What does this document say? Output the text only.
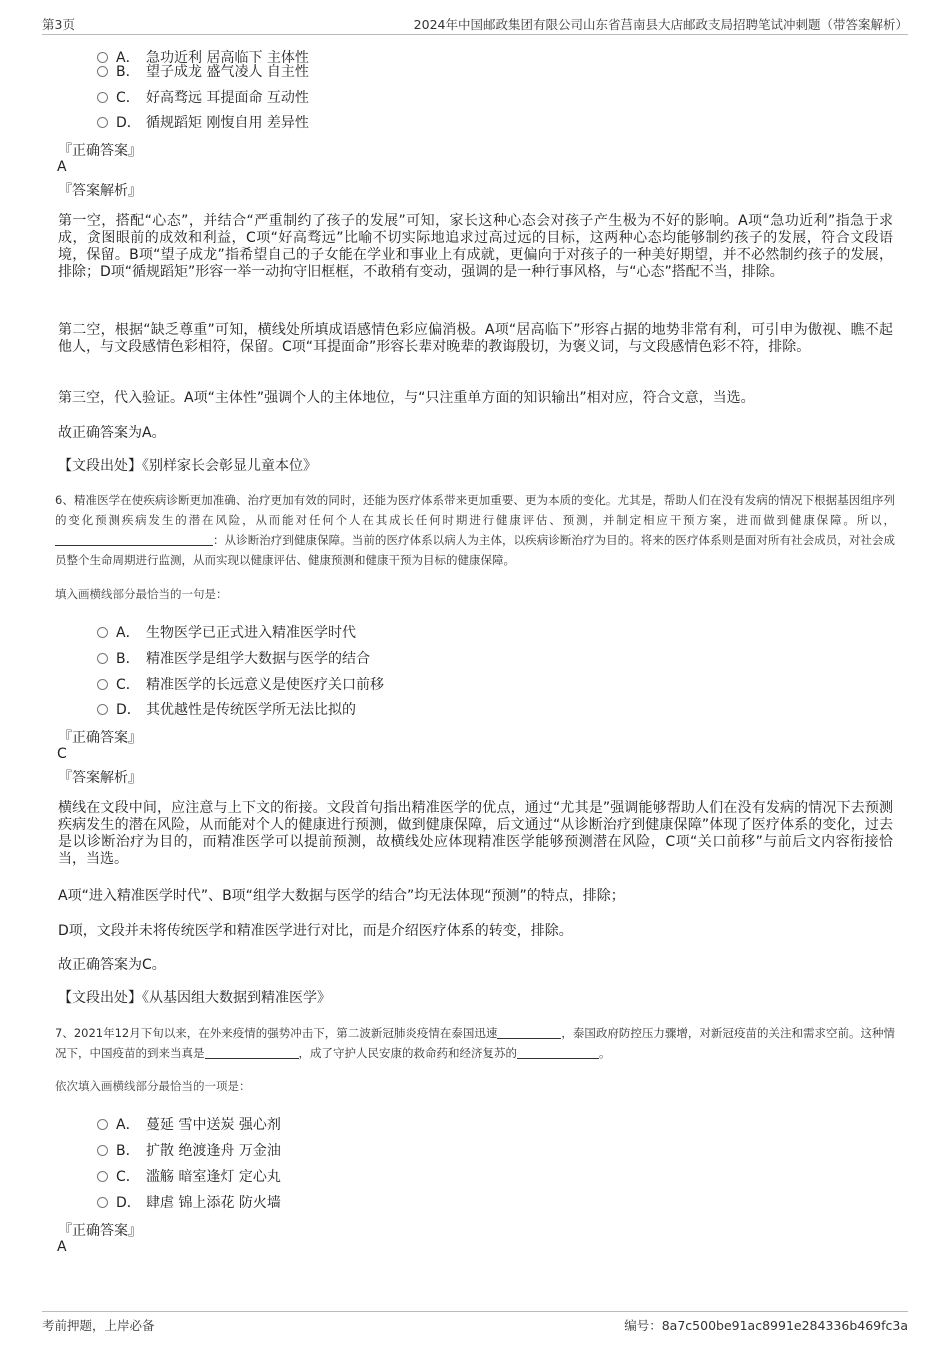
第3页	2024年中国邮政集团有限公司山东省莒南县大店邮政支局招聘笔试冲刺题（带答案解析）
A． 急功近利 居高临下 主体性
B． 望子成龙 盛气凌人 自主性
C． 好高骛远 耳提面命 互动性
D． 循规蹈矩 刚愎自用 差异性
『正确答案』
A
『答案解析』
第一空，搭配“心态”，并结合“严重制约了孩子的发展”可知，家长这种心态会对孩子产生极为不好的影响。A项“急功近利”指急于求成，贪图眼前的成效和利益，C项“好高骛远”比喻不切实际地追求过高过远的目标，这两种心态均能够制约孩子的发展，符合文段语境，保留。B项“望子成龙”指希望自己的子女能在学业和事业上有成就，更偏向于对孩子的一种美好期望，并不必然制约孩子的发展，排除；D项“循规蹈矩”形容一举一动拘守旧框框，不敢稍有变动，强调的是一种行事风格，与“心态”搭配不当，排除。
第二空，根据“缺乏尊重”可知，横线处所填成语感情色彩应偏消极。A项“居高临下”形容占据的地势非常有利，可引申为傲视、瞧不起他人，与文段感情色彩相符，保留。C项“耳提面命”形容长辈对晚辈的教诲殷切，为褒义词，与文段感情色彩不符，排除。
第三空，代入验证。A项“主体性”强调个人的主体地位，与“只注重单方面的知识输出”相对应，符合文意，当选。
故正确答案为A。
【文段出处】《别样家长会彰显儿童本位》
6、精准医学在使疾病诊断更加准确、治疗更加有效的同时，还能为医疗体系带来更加重要、更为本质的变化。尤其是，帮助人们在没有发病的情况下根据基因组序列的变化预测疾病发生的潜在风险，从而能对任何个人在其成长任何时期进行健康评估、预测，并制定相应干预方案，进而做到健康保障。所以，：从诊断治疗到健康保障。当前的医疗体系以病人为主体，以疾病诊断治疗为目的。将来的医疗体系则是面对所有社会成员，对社会成员整个生命周期进行监测，从而实现以健康评估、健康预测和健康干预为目标的健康保障。
填入画横线部分最恰当的一句是：
A． 生物医学已正式进入精准医学时代
B． 精准医学是组学大数据与医学的结合
C． 精准医学的长远意义是使医疗关口前移
D． 其优越性是传统医学所无法比拟的
『正确答案』
C
『答案解析』
横线在文段中间，应注意与上下文的衔接。文段首句指出精准医学的优点，通过“尤其是”强调能够帮助人们在没有发病的情况下去预测疾病发生的潜在风险，从而能对个人的健康进行预测，做到健康保障，后文通过“从诊断治疗到健康保障”体现了医疗体系的变化，过去是以诊断治疗为目的，而精准医学可以提前预测，故横线处应体现精准医学能够预测潜在风险，C项“关口前移”与前后文内容衔接恰当，当选。
A项“进入精准医学时代”、B项“组学大数据与医学的结合”均无法体现“预测”的特点，排除；
D项，文段并未将传统医学和精准医学进行对比，而是介绍医疗体系的转变，排除。
故正确答案为C。
【文段出处】《从基因组大数据到精准医学》
7、2021年12月下旬以来，在外来疫情的强势冲击下，第二波新冠肺炎疫情在泰国迅速	，泰国政府防控压力骤增，对新冠疫苗的关注和需求空前。这种情况下，中国疫苗的到来当真是	，成了守护人民安康的救命药和经济复苏的	。
依次填入画横线部分最恰当的一项是：
A． 蔓延 雪中送炭 强心剂
B． 扩散 绝渡逢舟 万金油
C． 滥觞 暗室逢灯 定心丸
D． 肆虐 锦上添花 防火墙
『正确答案』
A
考前押题，上岸必备	编号：8a7c500be91ac8991e284336b469fc3a
